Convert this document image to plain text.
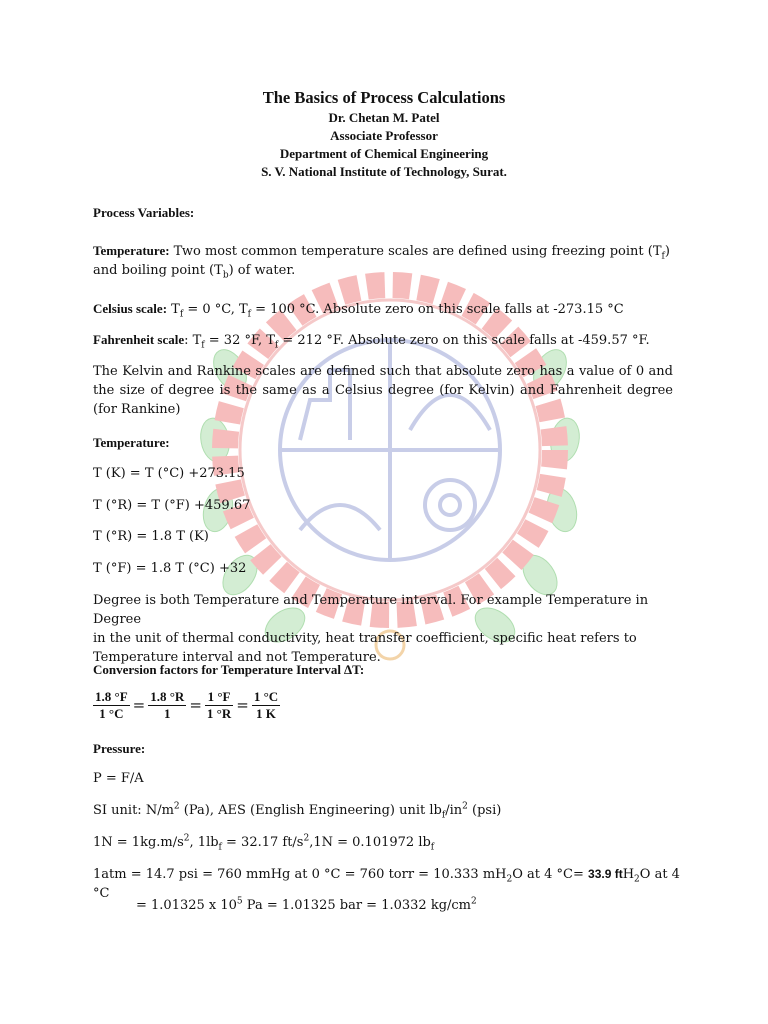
The Basics of Process Calculations
Dr. Chetan M. Patel
Associate Professor
Department of Chemical Engineering
S. V. National Institute of Technology, Surat.
Process Variables:
Temperature: Two most common temperature scales are defined using freezing point $(T_f)$
and boiling point $(T_b)$ of water.
Celsius scale: $T_f = 0$ °C, $T_f = 100$ °C. Absolute zero on this scale falls at -273.15 °C
Fahrenheit scale: $T_f = 32$ °F, $T_f = 212$ °F. Absolute zero on this scale falls at -459.57 °F.
The Kelvin and Rankine scales are defined such that absolute zero has a value of 0 and the size of degree is the same as a Celsius degree (for Kelvin) and Fahrenheit degree (for Rankine)
Temperature:
T (K) = T (°C) +273.15
T (°R) = T (°F) +459.67
T (°R) = 1.8 T (K)
T (°F) = 1.8 T (°C) +32
Degree is both Temperature and Temperature interval. For example Temperature in Degree
in the unit of thermal conductivity, heat transfer coefficient, specific heat refers to
Temperature interval and not Temperature.
Conversion factors for Temperature Interval ∆T:
$\frac{1.8 ^\circ F}{1 ^\circ C} = \frac{1.8 ^\circ R}{1} = \frac{1 ^\circ F}{1 ^\circ R} = \frac{1 ^\circ C}{1 K}$
Pressure:
P = F/A
SI unit: $N/m^2$ (Pa), AES (English Engineering) unit $lb_f/in^2$ (psi)
$1N = 1kg.m/s^2$, $1lb_f = 32.17$ $ft/s^2,1N = 0.101972$ $lb_f$
1atm = 14.7 psi = 760 mmHg at 0 °C = 760 torr = 10.333 $mH_2O$ at 4 °C= 33.9 ftH$_2$O at 4 °C
= 1.01325 x $10^5$ Pa = 1.01325 bar = 1.0332 $kg/cm^2$
